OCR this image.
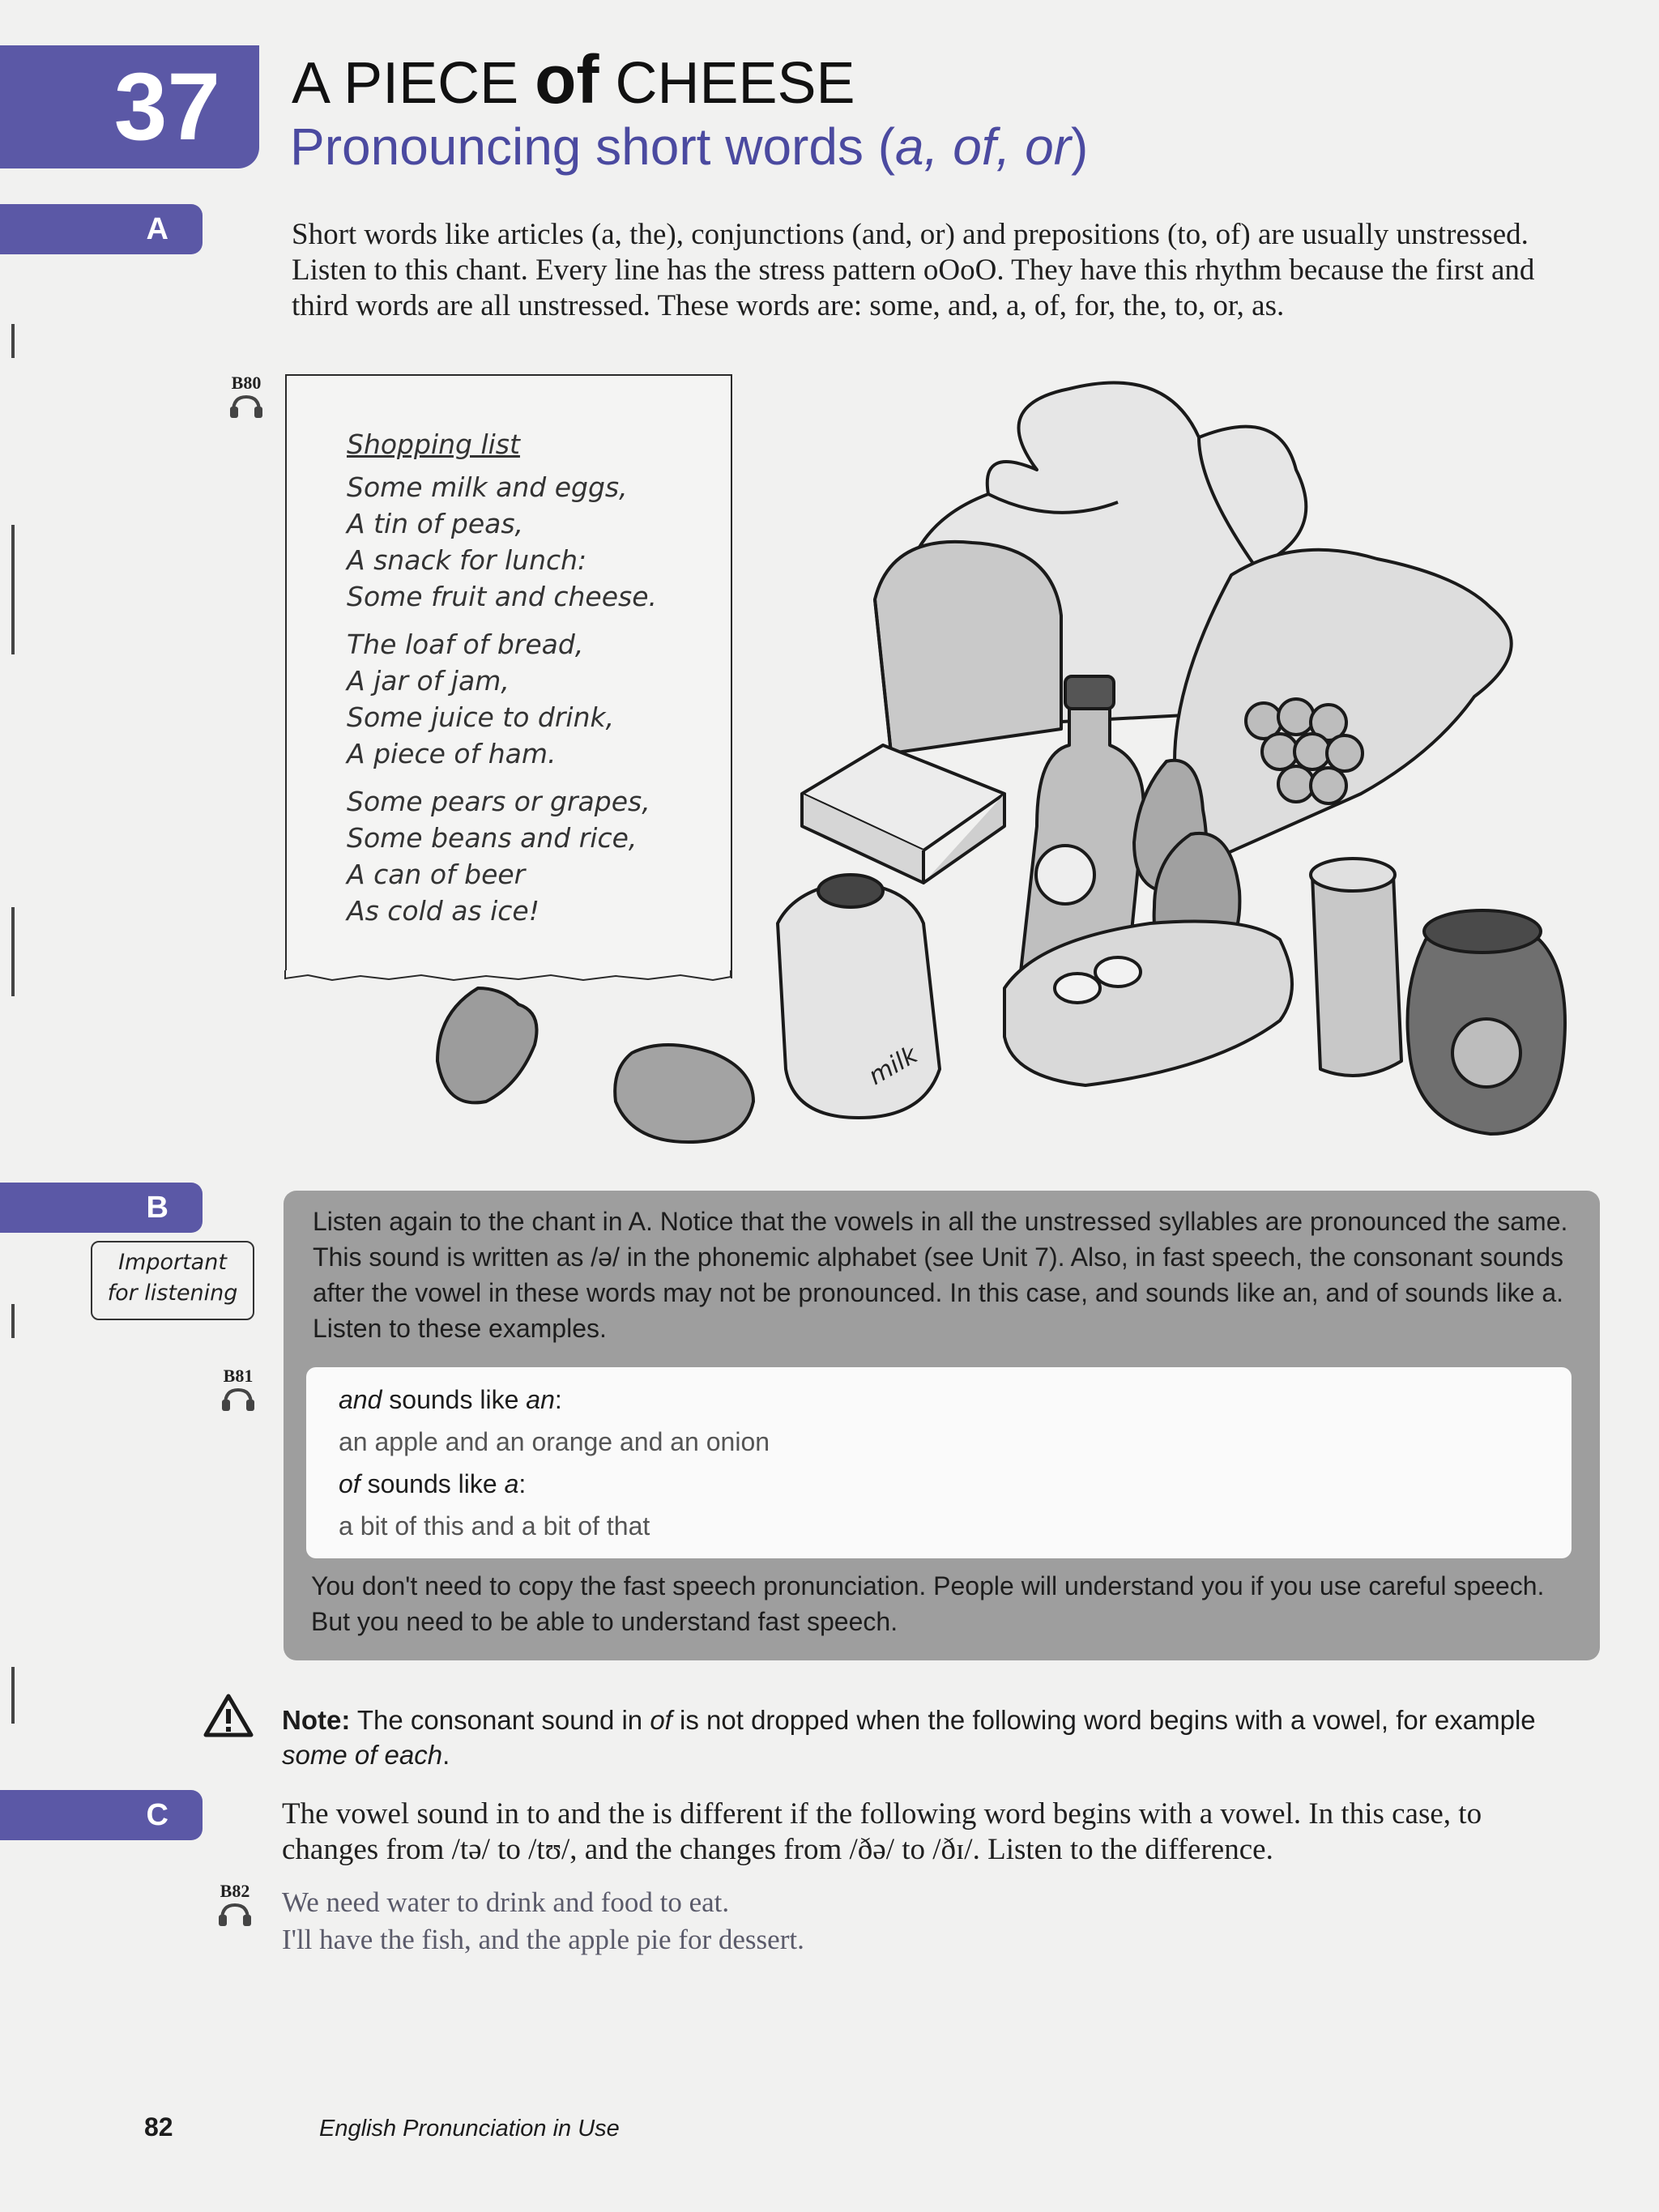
37	A PIECE of CHEESE
Pronouncing short words (a, of, or)
A	Short words like articles (a, the), conjunctions (and, or) and prepositions (to, of) are usually unstressed. Listen to this chant. Every line has the stress pattern oOoO. They have this rhythm because the first and third words are all unstressed. These words are: some, and, a, of, for, the, to, or, as.
B80
Shopping list
Some milk and eggs,
A tin of peas,
A snack for lunch:
Some fruit and cheese.
The loaf of bread,
A jar of jam,
Some juice to drink,
A piece of ham.
Some pears or grapes,
Some beans and rice,
A can of beer
As cold as ice!
milk
B
Important
for listening
Listen again to the chant in A. Notice that the vowels in all the unstressed syllables are pronounced the same. This sound is written as /ə/ in the phonemic alphabet (see Unit 7). Also, in fast speech, the consonant sounds after the vowel in these words may not be pronounced. In this case, and sounds like an, and of sounds like a. Listen to these examples.
B81
and sounds like an:
an apple and an orange and an onion
of sounds like a:
a bit of this and a bit of that
You don't need to copy the fast speech pronunciation. People will understand you if you use careful speech. But you need to be able to understand fast speech.
Note: The consonant sound in of is not dropped when the following word begins with a vowel, for example some of each.
C	The vowel sound in to and the is different if the following word begins with a vowel. In this case, to changes from /tə/ to /tʊ/, and the changes from /ðə/ to /ðɪ/. Listen to the difference.
B82	We need water to drink and food to eat.
I'll have the fish, and the apple pie for dessert.
82	English Pronunciation in Use
